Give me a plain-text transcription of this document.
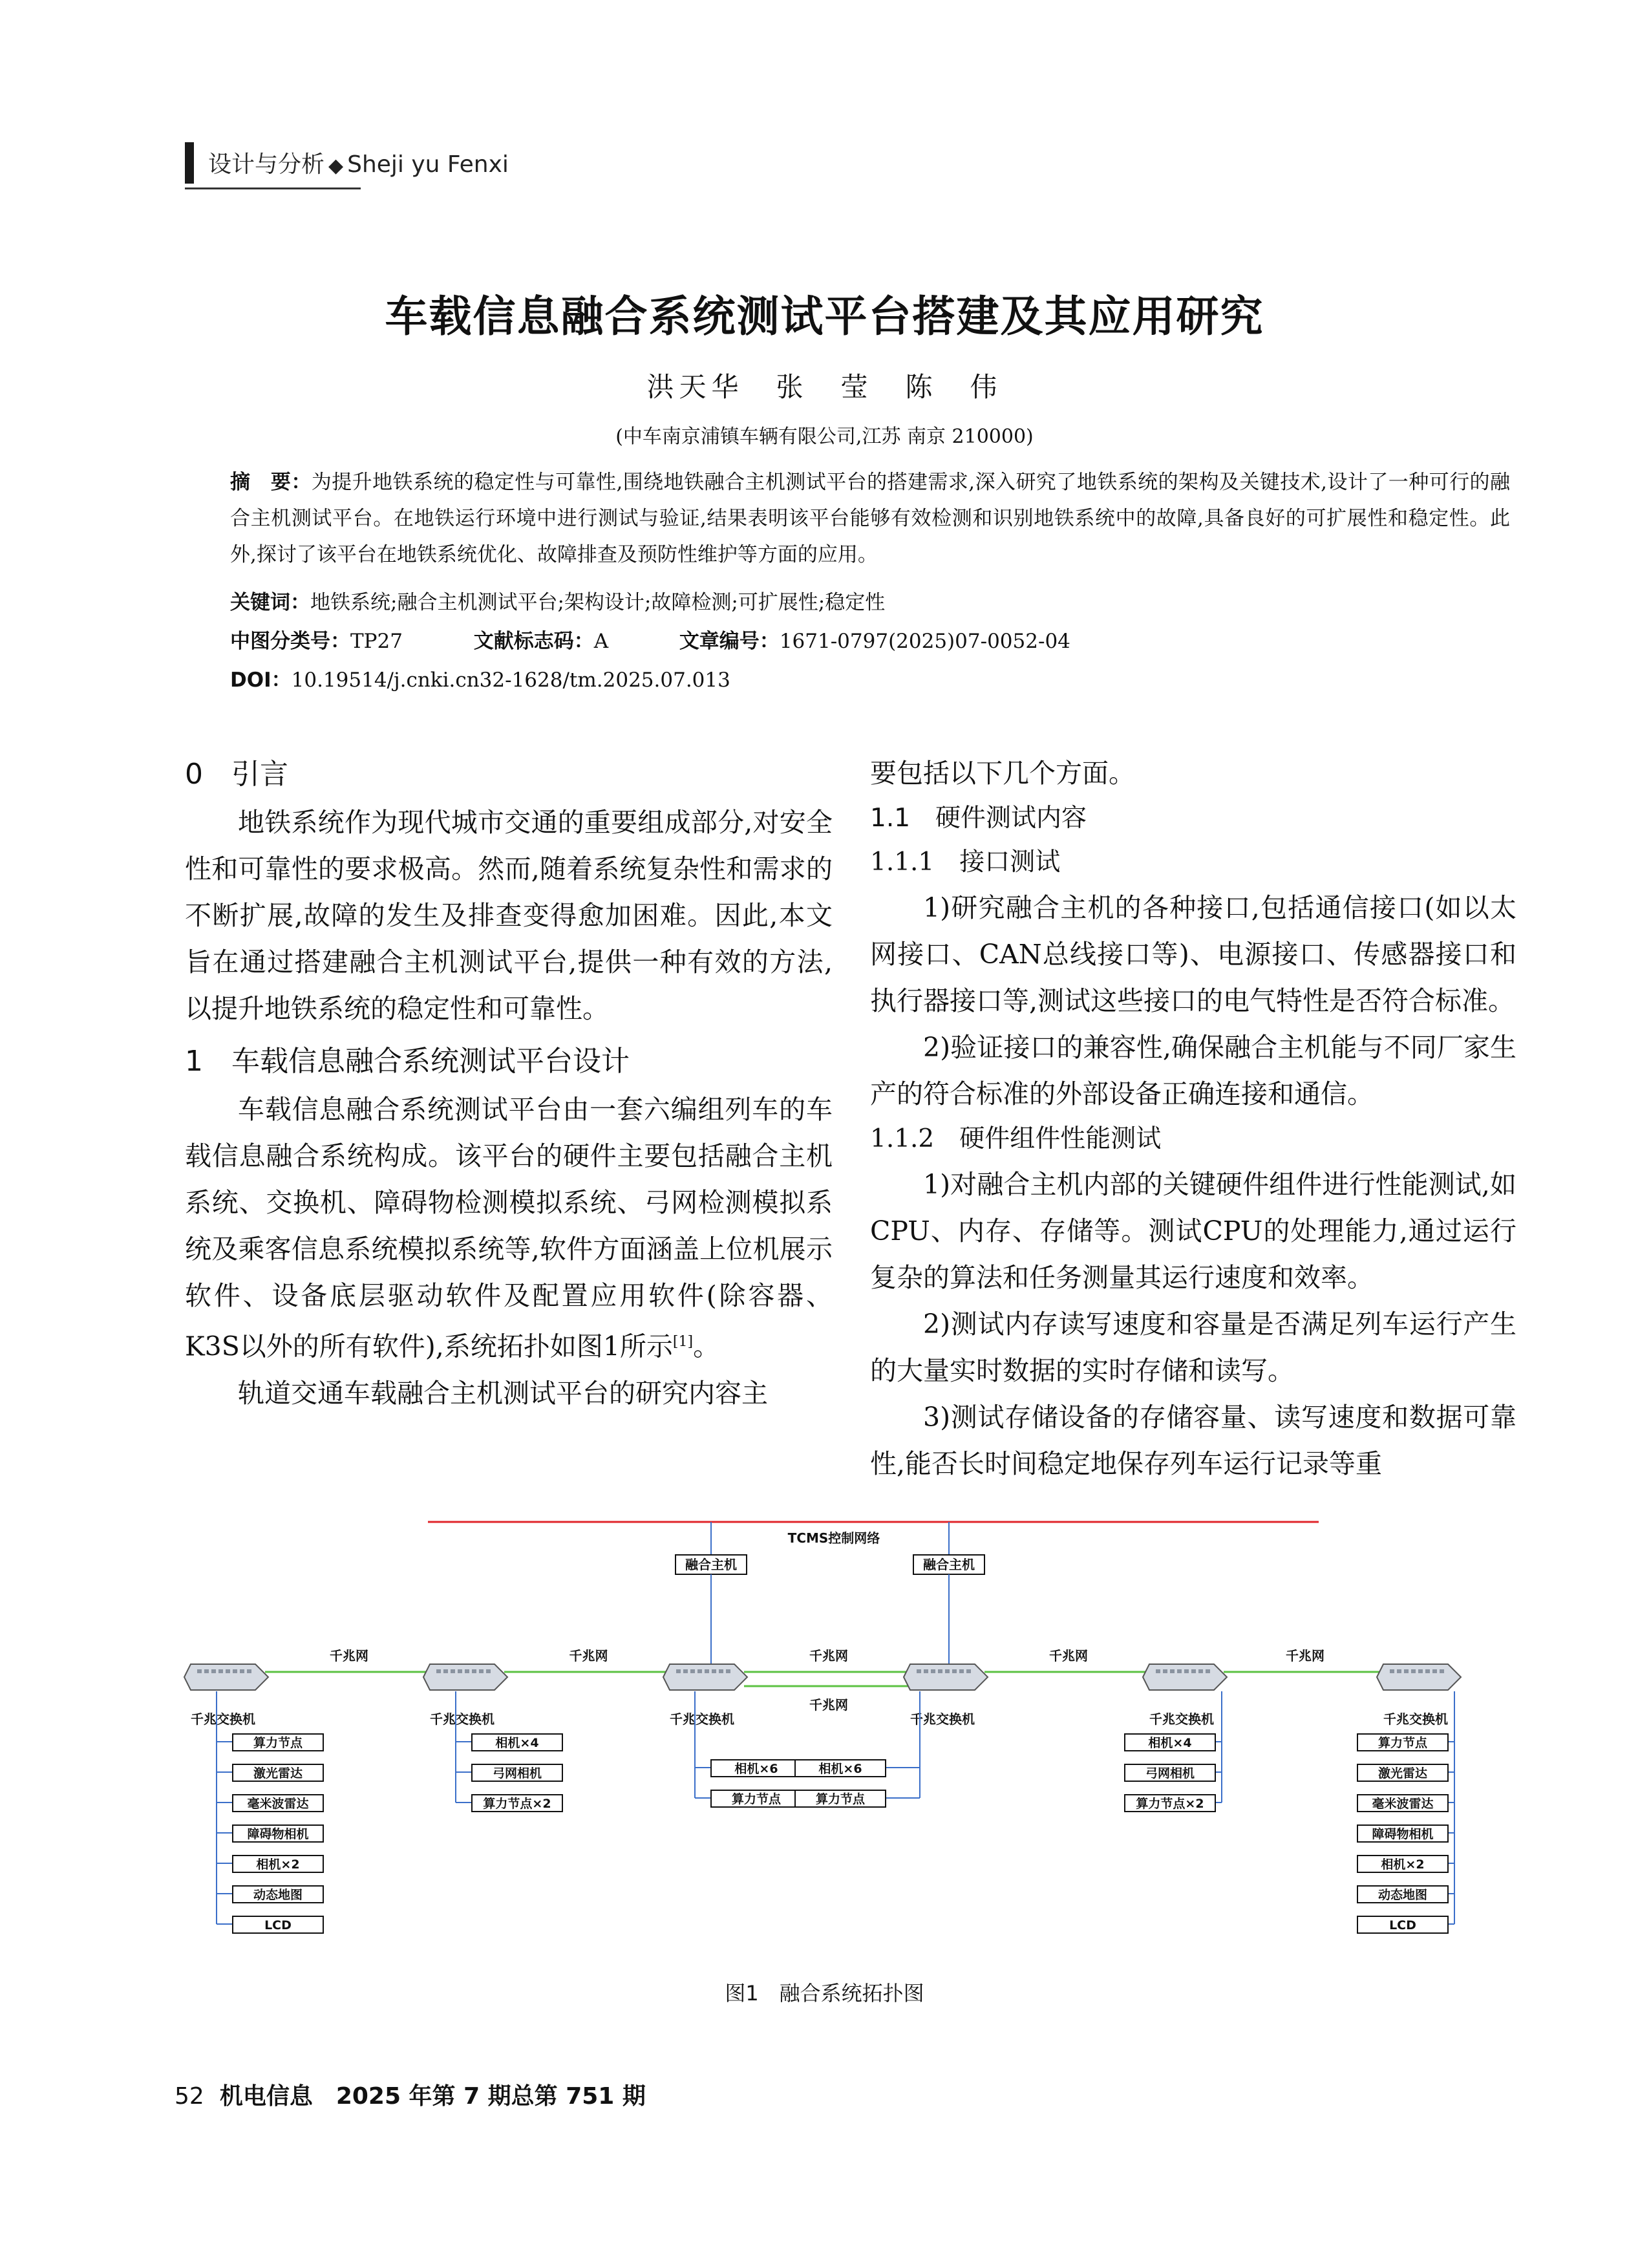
设计与分析 ◆ Sheji yu Fenxi
车载信息融合系统测试平台搭建及其应用研究
洪天华　张　莹　陈　伟
(中车南京浦镇车辆有限公司,江苏 南京 210000)
摘　要：为提升地铁系统的稳定性与可靠性,围绕地铁融合主机测试平台的搭建需求,深入研究了地铁系统的架构及关键技术,设计了一种可行的融合主机测试平台。在地铁运行环境中进行测试与验证,结果表明该平台能够有效检测和识别地铁系统中的故障,具备良好的可扩展性和稳定性。此外,探讨了该平台在地铁系统优化、故障排查及预防性维护等方面的应用。
关键词：地铁系统;融合主机测试平台;架构设计;故障检测;可扩展性;稳定性
中图分类号：TP27	文献标志码：A	文章编号：1671-0797(2025)07-0052-04
DOI：10.19514/j.cnki.cn32-1628/tm.2025.07.013
0　引言

地铁系统作为现代城市交通的重要组成部分,对安全性和可靠性的要求极高。然而,随着系统复杂性和需求的不断扩展,故障的发生及排查变得愈加困难。因此,本文旨在通过搭建融合主机测试平台,提供一种有效的方法,以提升地铁系统的稳定性和可靠性。

1　车载信息融合系统测试平台设计

车载信息融合系统测试平台由一套六编组列车的车载信息融合系统构成。该平台的硬件主要包括融合主机系统、交换机、障碍物检测模拟系统、弓网检测模拟系统及乘客信息系统模拟系统等,软件方面涵盖上位机展示软件、设备底层驱动软件及配置应用软件(除容器、K3S以外的所有软件),系统拓扑如图1所示[1]。

轨道交通车载融合主机测试平台的研究内容主

要包括以下几个方面。

1.1　硬件测试内容
1.1.1　接口测试

1)研究融合主机的各种接口,包括通信接口(如以太网接口、CAN总线接口等)、电源接口、传感器接口和执行器接口等,测试这些接口的电气特性是否符合标准。

2)验证接口的兼容性,确保融合主机能与不同厂家生产的符合标准的外部设备正确连接和通信。

1.1.2　硬件组件性能测试

1)对融合主机内部的关键硬件组件进行性能测试,如CPU、内存、存储等。测试CPU的处理能力,通过运行复杂的算法和任务测量其运行速度和效率。

2)测试内存读写速度和容量是否满足列车运行产生的大量实时数据的实时存储和读写。

3)测试存储设备的存储容量、读写速度和数据可靠性,能否长时间稳定地保存列车运行记录等重

TCMS控制网络
融合主机	融合主机
千兆网	千兆网	千兆网	千兆网	千兆网
千兆网
千兆交换机	千兆交换机	千兆交换机	千兆交换机	千兆交换机	千兆交换机
算力节点
激光雷达
毫米波雷达
障碍物相机
相机×2
动态地图
LCD
相机×4
弓网相机
算力节点×2
相机×6
算力节点
相机×6
算力节点
相机×4
弓网相机
算力节点×2
算力节点
激光雷达
毫米波雷达
障碍物相机
相机×2
动态地图
LCD
图1　融合系统拓扑图
52 机电信息　2025 年第 7 期总第 751 期
